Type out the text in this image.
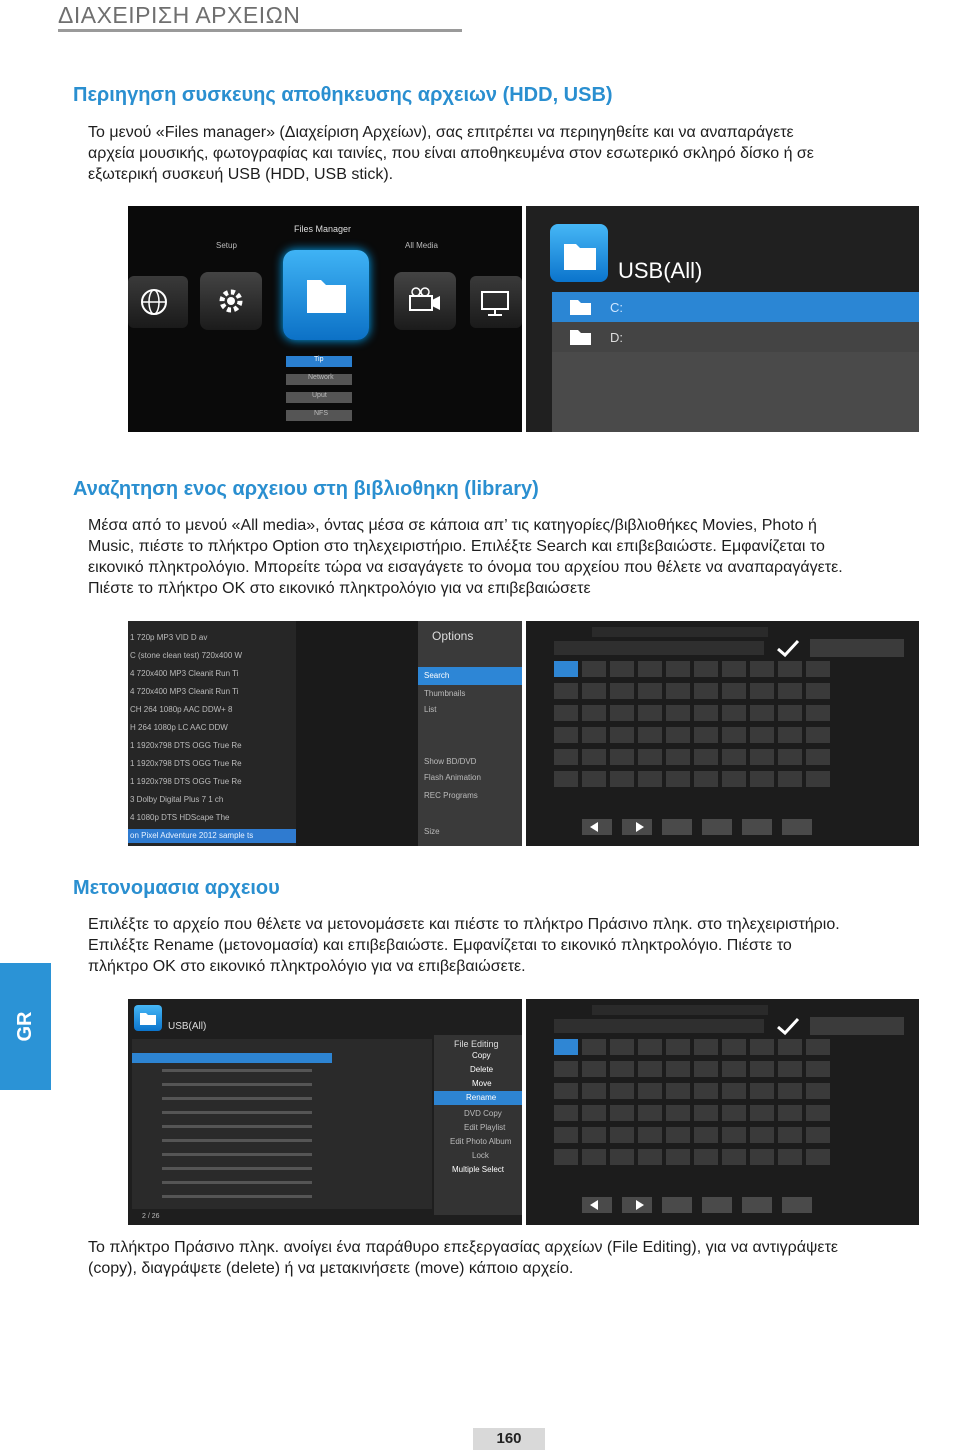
ΔΙΑΧΕΙΡΙΣΗ ΑΡΧΕΙΩΝ
Περιηγηση συσκευης αποθηκευσης αρχειων (HDD, USB)
Το μενού «Files manager» (Διαχείριση Αρχείων), σας επιτρέπει να περιηγηθείτε και να αναπαράγετε
αρχεία μουσικής, φωτογραφίας και ταινίες, που είναι αποθηκευμένα στον εσωτερικό σκληρό δίσκο ή σε
εξωτερική συσκευή USB (HDD, USB stick).
Files Manager
Setup	All Media
Tip
Network
Uput
NFS
USB(All)
C:
D:
Αναζητηση ενος αρχειου στη βιβλιοθηκη (library)
Μέσα από το μενού «All media», όντας μέσα σε κάποια απ’ τις κατηγορίες/βιβλιοθήκες Movies, Photo ή
Music, πιέστε το πλήκτρο Option στο τηλεχειριστήριο. Επιλέξτε Search και επιβεβαιώστε. Εμφανίζεται το
εικονικό πληκτρολόγιο. Μπορείτε τώρα να εισαγάγετε το όνομα του αρχείου που θέλετε να αναπαραγάγετε.
Πιέστε το πλήκτρο ΟΚ στο εικονικό πληκτρολόγιο για να επιβεβαιώσετε
1 720p MP3 VID D av
C (stone clean test) 720x400 W
4 720x400 MP3 Cleanit Run Ti
4 720x400 MP3 Cleanit Run Ti
CH 264 1080p AAC DDW+ 8
H 264 1080p LC AAC DDW
1 1920x798 DTS OGG True Re
1 1920x798 DTS OGG True Re
1 1920x798 DTS OGG True Re
3 Dolby Digital Plus 7 1 ch
4 1080p DTS HDScape The
on Pixel Adventure 2012 sample ts
Options
Search
Thumbnails
List
Show BD/DVD
Flash Animation
REC Programs
Size
Μετονομασια αρχειου
Επιλέξτε το αρχείο που θέλετε να μετονομάσετε και πιέστε το πλήκτρο Πράσινο πληκ. στο τηλεχειριστήριο.
Επιλέξτε Rename (μετονομασία) και επιβεβαιώστε. Εμφανίζεται το εικονικό πληκτρολόγιο. Πιέστε το
πλήκτρο ΟΚ στο εικονικό πληκτρολόγιο για να επιβεβαιώσετε.
GR	USB(All)
2 / 26
File Editing
Copy
Delete
Move
Rename
DVD Copy
Edit Playlist
Edit Photo Album
Lock
Multiple Select
Το πλήκτρο Πράσινο πληκ. ανοίγει ένα παράθυρο επεξεργασίας αρχείων (File Editing), για να αντιγράψετε
(copy), διαγράψετε (delete) ή να μετακινήσετε (move) κάποιο αρχείο.
160
